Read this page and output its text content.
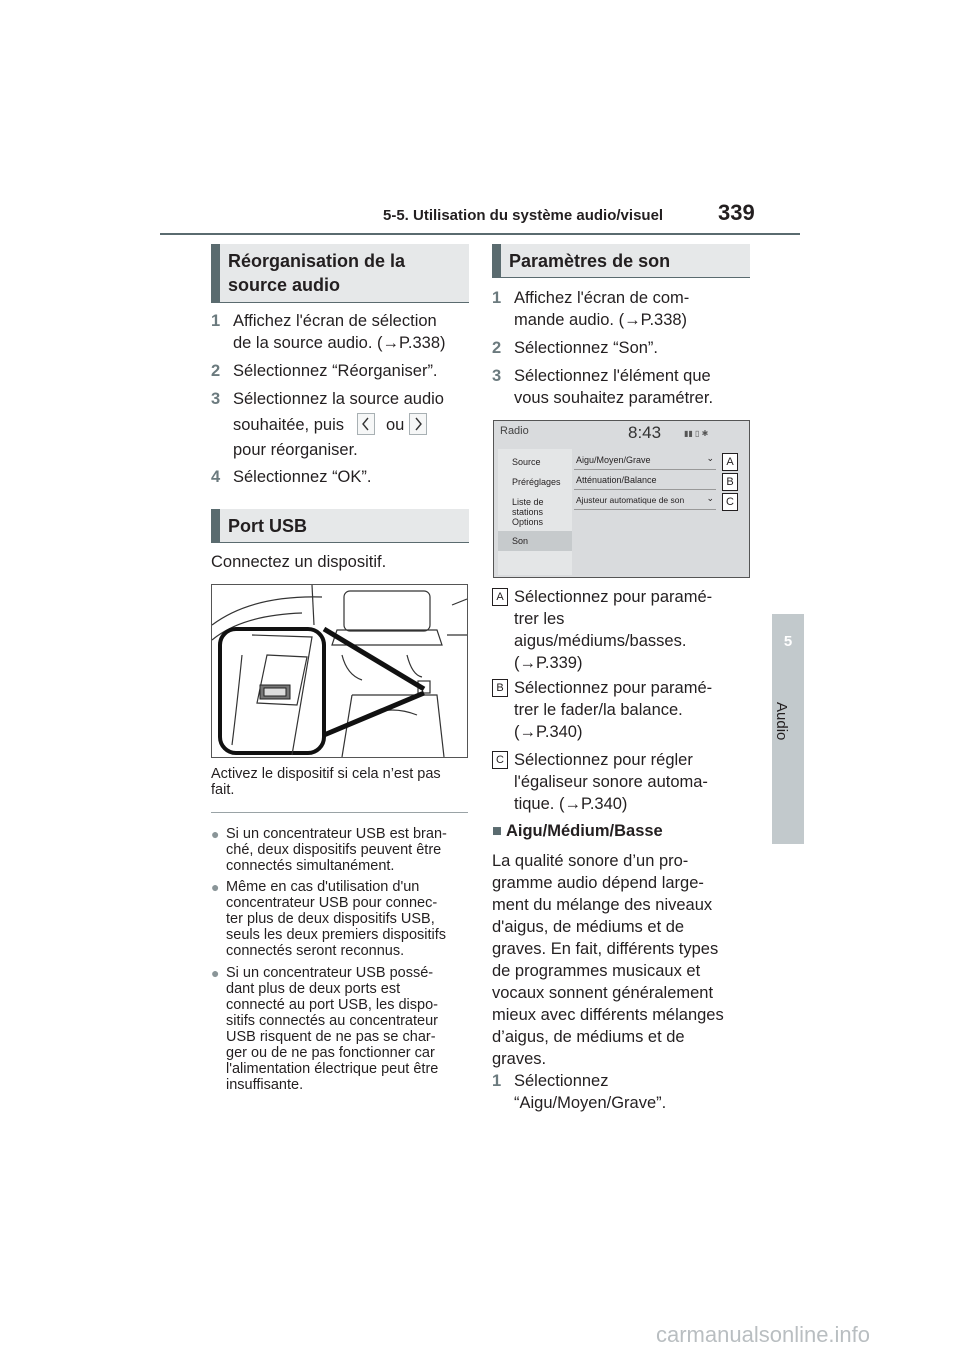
5-5. Utilisation du système audio/visuel 339
5
Audio
Réorganisation de la source audio
1 Affichez l'écran de sélection
de la source audio. (→P.338)
2 Sélectionnez “Réorganiser”.
3 Sélectionnez la source audio
souhaitée, puis	ou
pour réorganiser.
4 Sélectionnez “OK”.
Port USB
Connectez un dispositif.
Activez le dispositif si cela n’est pas
fait.
● Si un concentrateur USB est bran-
ché, deux dispositifs peuvent être
connectés simultanément.
● Même en cas d'utilisation d'un
concentrateur USB pour connec-
ter plus de deux dispositifs USB,
seuls les deux premiers dispositifs
connectés seront reconnus.
● Si un concentrateur USB possé-
dant plus de deux ports est
connecté au port USB, les dispo-
sitifs connectés au concentrateur
USB risquent de ne pas se char-
ger ou de ne pas fonctionner car
l'alimentation électrique peut être
insuffisante.
Paramètres de son
1 Affichez l'écran de com-
mande audio. (→P.338)
2 Sélectionnez “Son”.
3 Sélectionnez l'élément que
vous souhaitez paramétrer.
Radio	8:43	▮▮ ▯ ✱
Source
Préréglages
Liste de stations
Options
Son
Aigu/Moyen/Grave	⌄
Atténuation/Balance
Ajusteur automatique de son ⌄
A
B
C
A Sélectionnez pour paramé-
trer les
aigus/médiums/basses.
(→P.339)
B Sélectionnez pour paramé-
trer le fader/la balance.
(→P.340)
C Sélectionnez pour régler
l'égaliseur sonore automa-
tique. (→P.340)
■ Aigu/Médium/Basse
La qualité sonore d’un pro-
gramme audio dépend large-
ment du mélange des niveaux
d'aigus, de médiums et de
graves. En fait, différents types
de programmes musicaux et
vocaux sonnent généralement
mieux avec différents mélanges
d’aigus, de médiums et de
graves.
1 Sélectionnez
“Aigu/Moyen/Grave”.
carmanualsonline.info
